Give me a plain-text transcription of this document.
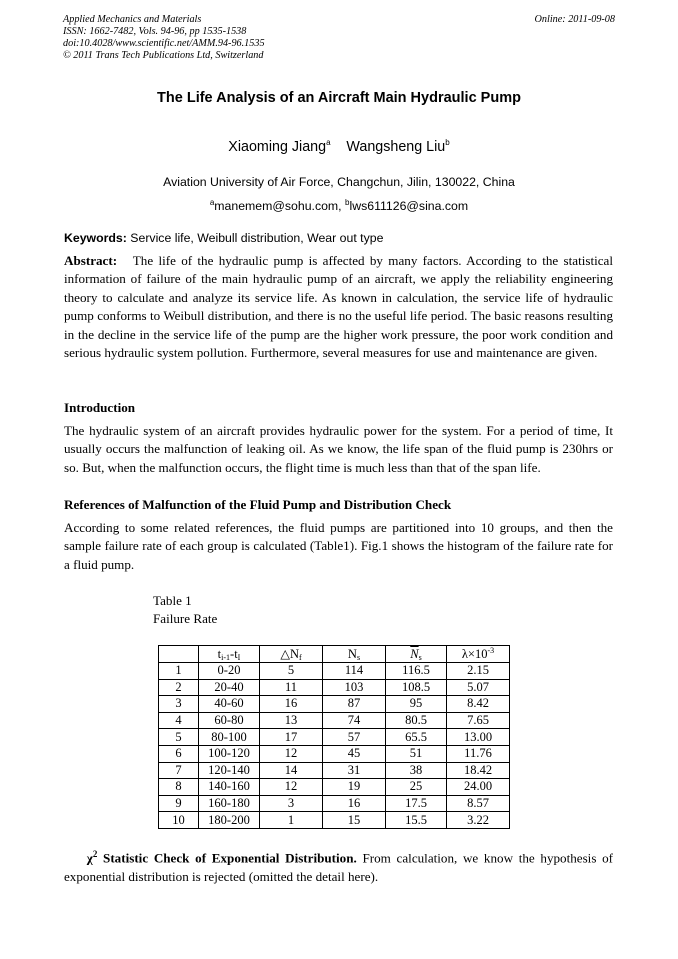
Applied Mechanics and Materials
ISSN: 1662-7482, Vols. 94-96, pp 1535-1538
doi:10.4028/www.scientific.net/AMM.94-96.1535
© 2011 Trans Tech Publications Ltd, Switzerland
Online: 2011-09-08
The Life Analysis of an Aircraft Main Hydraulic Pump
Xiaoming Jiang$^a$ Wangsheng Liu$^b$
Aviation University of Air Force, Changchun, Jilin, 130022, China
$^a$manemem@sohu.com, $^b$lws611126@sina.com
Keywords: Service life, Weibull distribution, Wear out type
Abstract:   The life of the hydraulic pump is affected by many factors. According to the statistical information of failure of the main hydraulic pump of an aircraft, we apply the reliability engineering theory to calculate and analyze its service life. As known in calculation, the service life of hydraulic pump conforms to Weibull distribution, and there is no the useful life period. The basic reasons resulting in the decline in the service life of the pump are the higher work pressure, the poor work condition and serious hydraulic system pollution. Furthermore, several measures for use and maintenance are given.
Introduction
The hydraulic system of an aircraft provides hydraulic power for the system. For a period of time, It usually occurs the malfunction of leaking oil. As we know, the life span of the fluid pump is 230hrs or so. But, when the malfunction occurs, the flight time is much less than that of the span life.
References of Malfunction of the Fluid Pump and Distribution Check
According to some related references, the fluid pumps are partitioned into 10 groups, and then the sample failure rate of each group is calculated (Table1). Fig.1 shows the histogram of the failure rate for a fluid pump.
Table 1
Failure Rate
	ti-1-tI	△Nf	Ns	$\overline{N}s$	$\lambda\times 10^{-3}$
1	0-20	5	114	116.5	2.15
2	20-40	11	103	108.5	5.07
3	40-60	16	87	95	8.42
4	60-80	13	74	80.5	7.65
5	80-100	17	57	65.5	13.00
6	100-120	12	45	51	11.76
7	120-140	14	31	38	18.42
8	140-160	12	19	25	24.00
9	160-180	3	16	17.5	8.57
10	180-200	1	15	15.5	3.22
$\chi^2$ Statistic Check of Exponential Distribution. From calculation, we know the hypothesis of exponential distribution is rejected (omitted the detail here).
